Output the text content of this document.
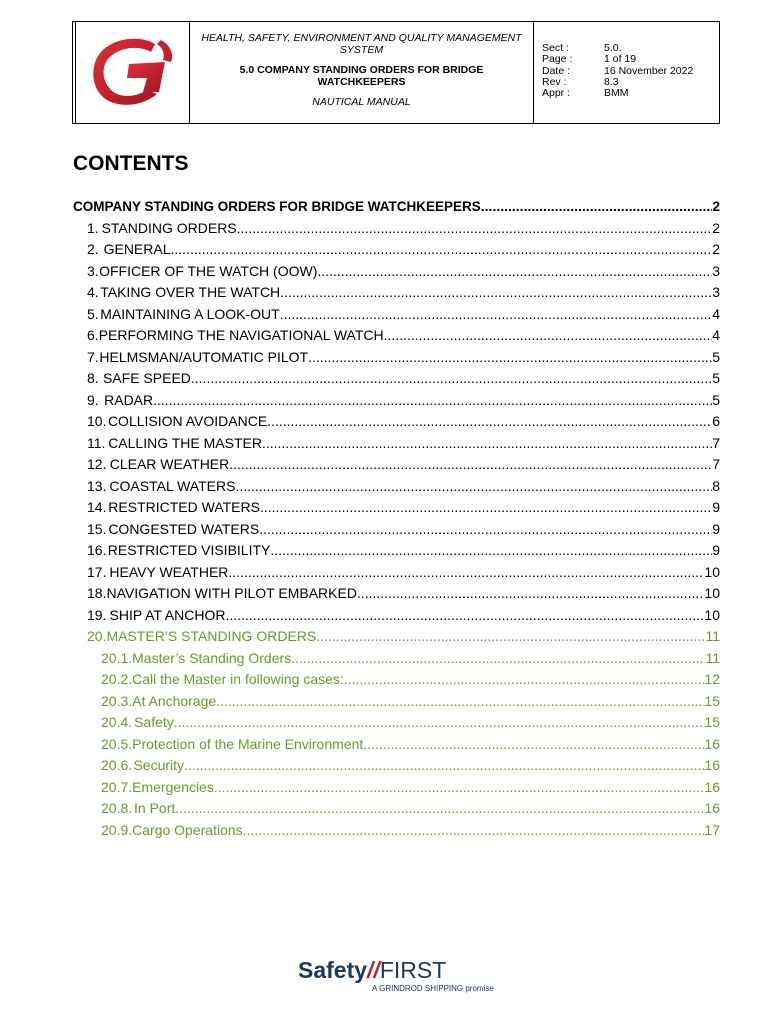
HEALTH, SAFETY, ENVIRONMENT AND QUALITY MANAGEMENT SYSTEM
5.0 COMPANY STANDING ORDERS FOR BRIDGE WATCHKEEPERS
NAUTICAL MANUAL
Sect :	5.0.
Page :	1 of 19
Date :	16 November 2022
Rev :	8.3
Appr :	BMM
CONTENTS
COMPANY STANDING ORDERS FOR BRIDGE WATCHKEEPERS .....	2
1. STANDING ORDERS .....	2
2. GENERAL .....	2
3. OFFICER OF THE WATCH (OOW) .....	3
4. TAKING OVER THE WATCH .....	3
5. MAINTAINING A LOOK-OUT .....	4
6. PERFORMING THE NAVIGATIONAL WATCH .....	4
7. HELMSMAN/AUTOMATIC PILOT .....	5
8. SAFE SPEED .....	5
9. RADAR .....	5
10. COLLISION AVOIDANCE .....	6
11. CALLING THE MASTER .....	7
12. CLEAR WEATHER .....	7
13. COASTAL WATERS .....	8
14. RESTRICTED WATERS .....	9
15. CONGESTED WATERS .....	9
16. RESTRICTED VISIBILITY .....	9
17. HEAVY WEATHER .....	10
18. NAVIGATION WITH PILOT EMBARKED .....	10
19. SHIP AT ANCHOR .....	10
20. MASTER’S STANDING ORDERS .....	11
20.1. Master’s Standing Orders .....	11
20.2. Call the Master in following cases: .....	12
20.3. At Anchorage .....	15
20.4. Safety .....	15
20.5. Protection of the Marine Environment .....	16
20.6. Security .....	16
20.7. Emergencies .....	16
20.8. In Port .....	16
20.9. Cargo Operations .....	17
Safety//FIRST
A GRINDROD SHIPPING promise
